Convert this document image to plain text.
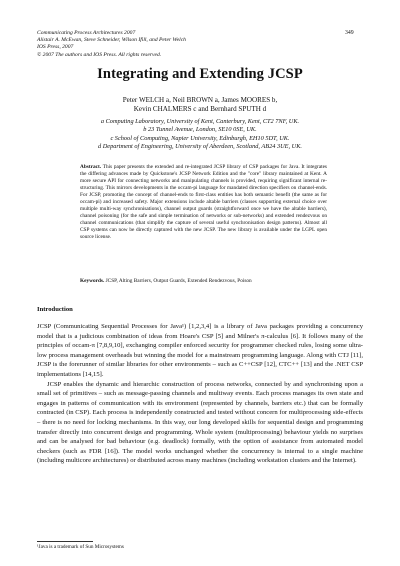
Communicating Process Architectures 2007
Alistair A. McEwan, Steve Schneider, Wilson Ifill, and Peter Welch
IOS Press, 2007
© 2007 The authors and IOS Press. All rights reserved.
349
Integrating and Extending JCSP
Peter WELCH a, Neil BROWN a, James MOORES b,
Kevin CHALMERS c and Bernhard SPUTH d
a Computing Laboratory, University of Kent, Canterbury, Kent, CT2 7NF, UK.
b 23 Tunnel Avenue, London, SE10 0SE, UK.
c School of Computing, Napier University, Edinburgh, EH10 5DT, UK.
d Department of Engineering, University of Aberdeen, Scotland, AB24 3UE, UK.
Abstract. This paper presents the extended and re-integrated JCSP library of CSP packages for Java. It integrates the differing advances made by Quickstone's JCSP Network Edition and the "core" library maintained at Kent. A more secure API for connecting networks and manipulating channels is provided, requiring significant internal re-structuring. This mirrors developments in the occam-pi language for mandated direction specifiers on channel-ends. For JCSP, promoting the concept of channel-ends to first-class entities has both semantic benefit (the same as for occam-pi) and increased safety. Major extensions include altable barriers (classes supporting external choice over multiple multi-way synchronisations), channel output guards (straightforward once we have the altable barriers), channel poisoning (for the safe and simple termination of networks or sub-networks) and extended rendezvous on channel communications (that simplify the capture of several useful synchronisation design patterns). Almost all CSP systems can now be directly captured with the new JCSP. The new library is available under the LGPL open source license.
Keywords. JCSP, Alting Barriers, Output Guards, Extended Rendezvous, Poison
Introduction

JCSP (Communicating Sequential Processes for Java¹) [1,2,3,4] is a library of Java packages providing a concurrency model that is a judicious combination of ideas from Hoare's CSP [5] and Milner's π-calculus [6]. It follows many of the principles of occam-π [7,8,9,10], exchanging compiler enforced security for programmer checked rules, losing some ultra-low process management overheads but winning the model for a mainstream programming language. Along with CTJ [11], JCSP is the forerunner of similar libraries for other environments – such as C++CSP [12], CTC++ [13] and the .NET CSP implementations [14,15].

JCSP enables the dynamic and hierarchic construction of process networks, connected by and synchronising upon a small set of primitives – such as message-passing channels and multiway events. Each process manages its own state and engages in patterns of communication with its environment (represented by channels, barriers etc.) that can be formally contracted (in CSP). Each process is independently constructed and tested without concern for multiprocessing side-effects – there is no need for locking mechanisms. In this way, our long developed skills for sequential design and programming transfer directly into concurrent design and programming. Whole system (multiprocessing) behaviour yields no surprises and can be analysed for bad behaviour (e.g. deadlock) formally, with the option of assistance from automated model checkers (such as FDR [16]). The model works unchanged whether the concurrency is internal to a single machine (including multicore architectures) or distributed across many machines (including workstation clusters and the Internet).

¹Java is a trademark of Sun Microsystems
